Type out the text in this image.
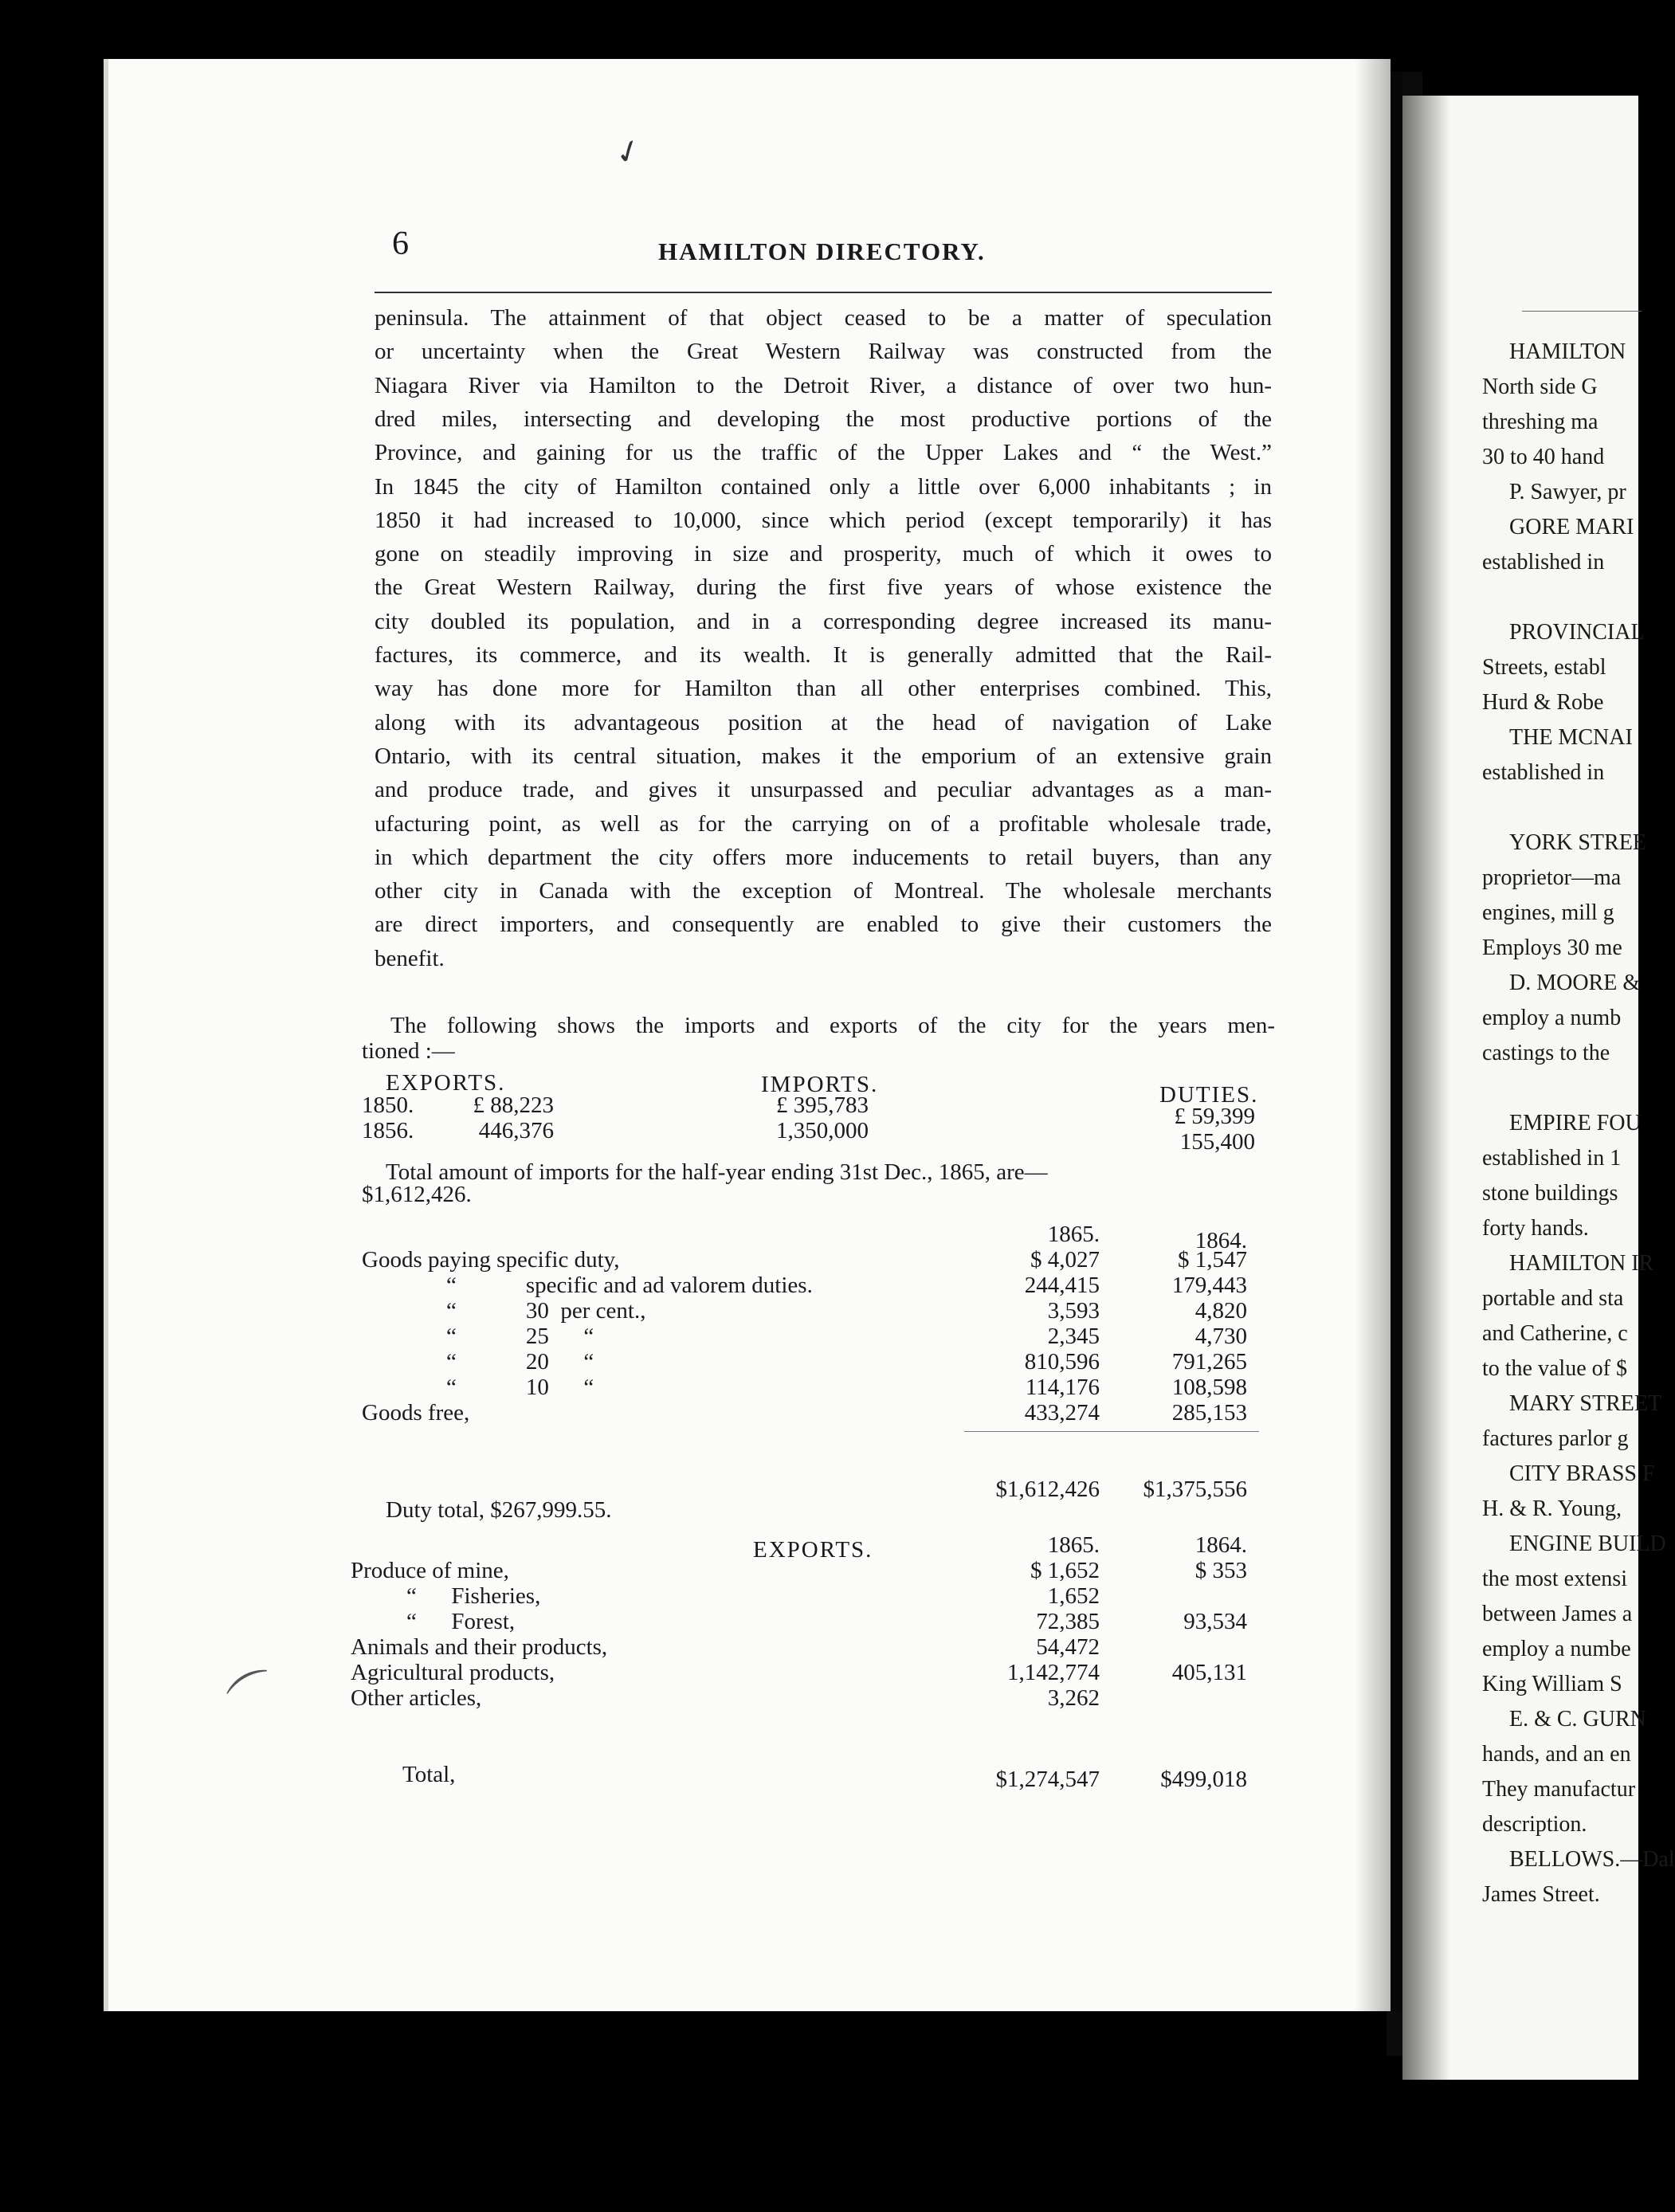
HAMILTON
North side G
threshing ma
30 to 40 hand
P. Sawyer, pr
GORE MARI
established in
PROVINCIAL
Streets, establ
Hurd & Robe
THE MCNAI
established in
YORK STREE
proprietor—ma
engines, mill g
Employs 30 me
D. MOORE &
employ a numb
castings to the
EMPIRE FOU
established in 1
stone buildings
forty hands.
HAMILTON IR
portable and sta
and Catherine, c
to the value of $
MARY STREET
factures parlor g
CITY BRASS F
H. & R. Young,
ENGINE BUILD
the most extensi
between James a
employ a numbe
King William S
E. & C. GURN
hands, and an en
They manufactur
description.
BELLOWS.—Dal
James Street.
6	HAMILTON DIRECTORY.
peninsula. The attainment of that object ceased to be a matter of speculation
or uncertainty when the Great Western Railway was constructed from the
Niagara River via Hamilton to the Detroit River, a distance of over two hun-
dred miles, intersecting and developing the most productive portions of the
Province, and gaining for us the traffic of the Upper Lakes and “ the West.”
In 1845 the city of Hamilton contained only a little over 6,000 inhabitants ; in
1850 it had increased to 10,000, since which period (except temporarily) it has
gone on steadily improving in size and prosperity, much of which it owes to
the Great Western Railway, during the first five years of whose existence the
city doubled its population, and in a corresponding degree increased its manu-
factures, its commerce, and its wealth. It is generally admitted that the Rail-
way has done more for Hamilton than all other enterprises combined. This,
along with its advantageous position at the head of navigation of Lake
Ontario, with its central situation, makes it the emporium of an extensive grain
and produce trade, and gives it unsurpassed and peculiar advantages as a man-
ufacturing point, as well as for the carrying on of a profitable wholesale trade,
in which department the city offers more inducements to retail buyers, than any
other city in Canada with the exception of Montreal. The wholesale merchants
are direct importers, and consequently are enabled to give their customers the
benefit.
The following shows the imports and exports of the city for the years men-
tioned :—
EXPORTS.	IMPORTS.	DUTIES.
1850.	£ 88,223	£ 395,783	£ 59,399
1856.	446,376	1,350,000	155,400
Total amount of imports for the half-year ending 31st Dec., 1865, are—
$1,612,426.
1865.	1864.
Goods paying specific duty,	$ 4,027	$ 1,547
“            specific and ad valorem duties.	244,415	179,443
“            30  per cent.,	3,593	4,820
“            25      “	2,345	4,730
“            20      “	810,596	791,265
“            10      “	114,176	108,598
Goods free,	433,274	285,153
$1,612,426	$1,375,556
Duty total, $267,999.55.
EXPORTS.	1865.	1864.
Produce of mine,	$ 1,652	$ 353
“      Fisheries,	1,652
“      Forest,	72,385	93,534
Animals and their products,	54,472
Agricultural products,	1,142,774	405,131
Other articles,	3,262
Total,	$1,274,547	$499,018
✓
⌒
